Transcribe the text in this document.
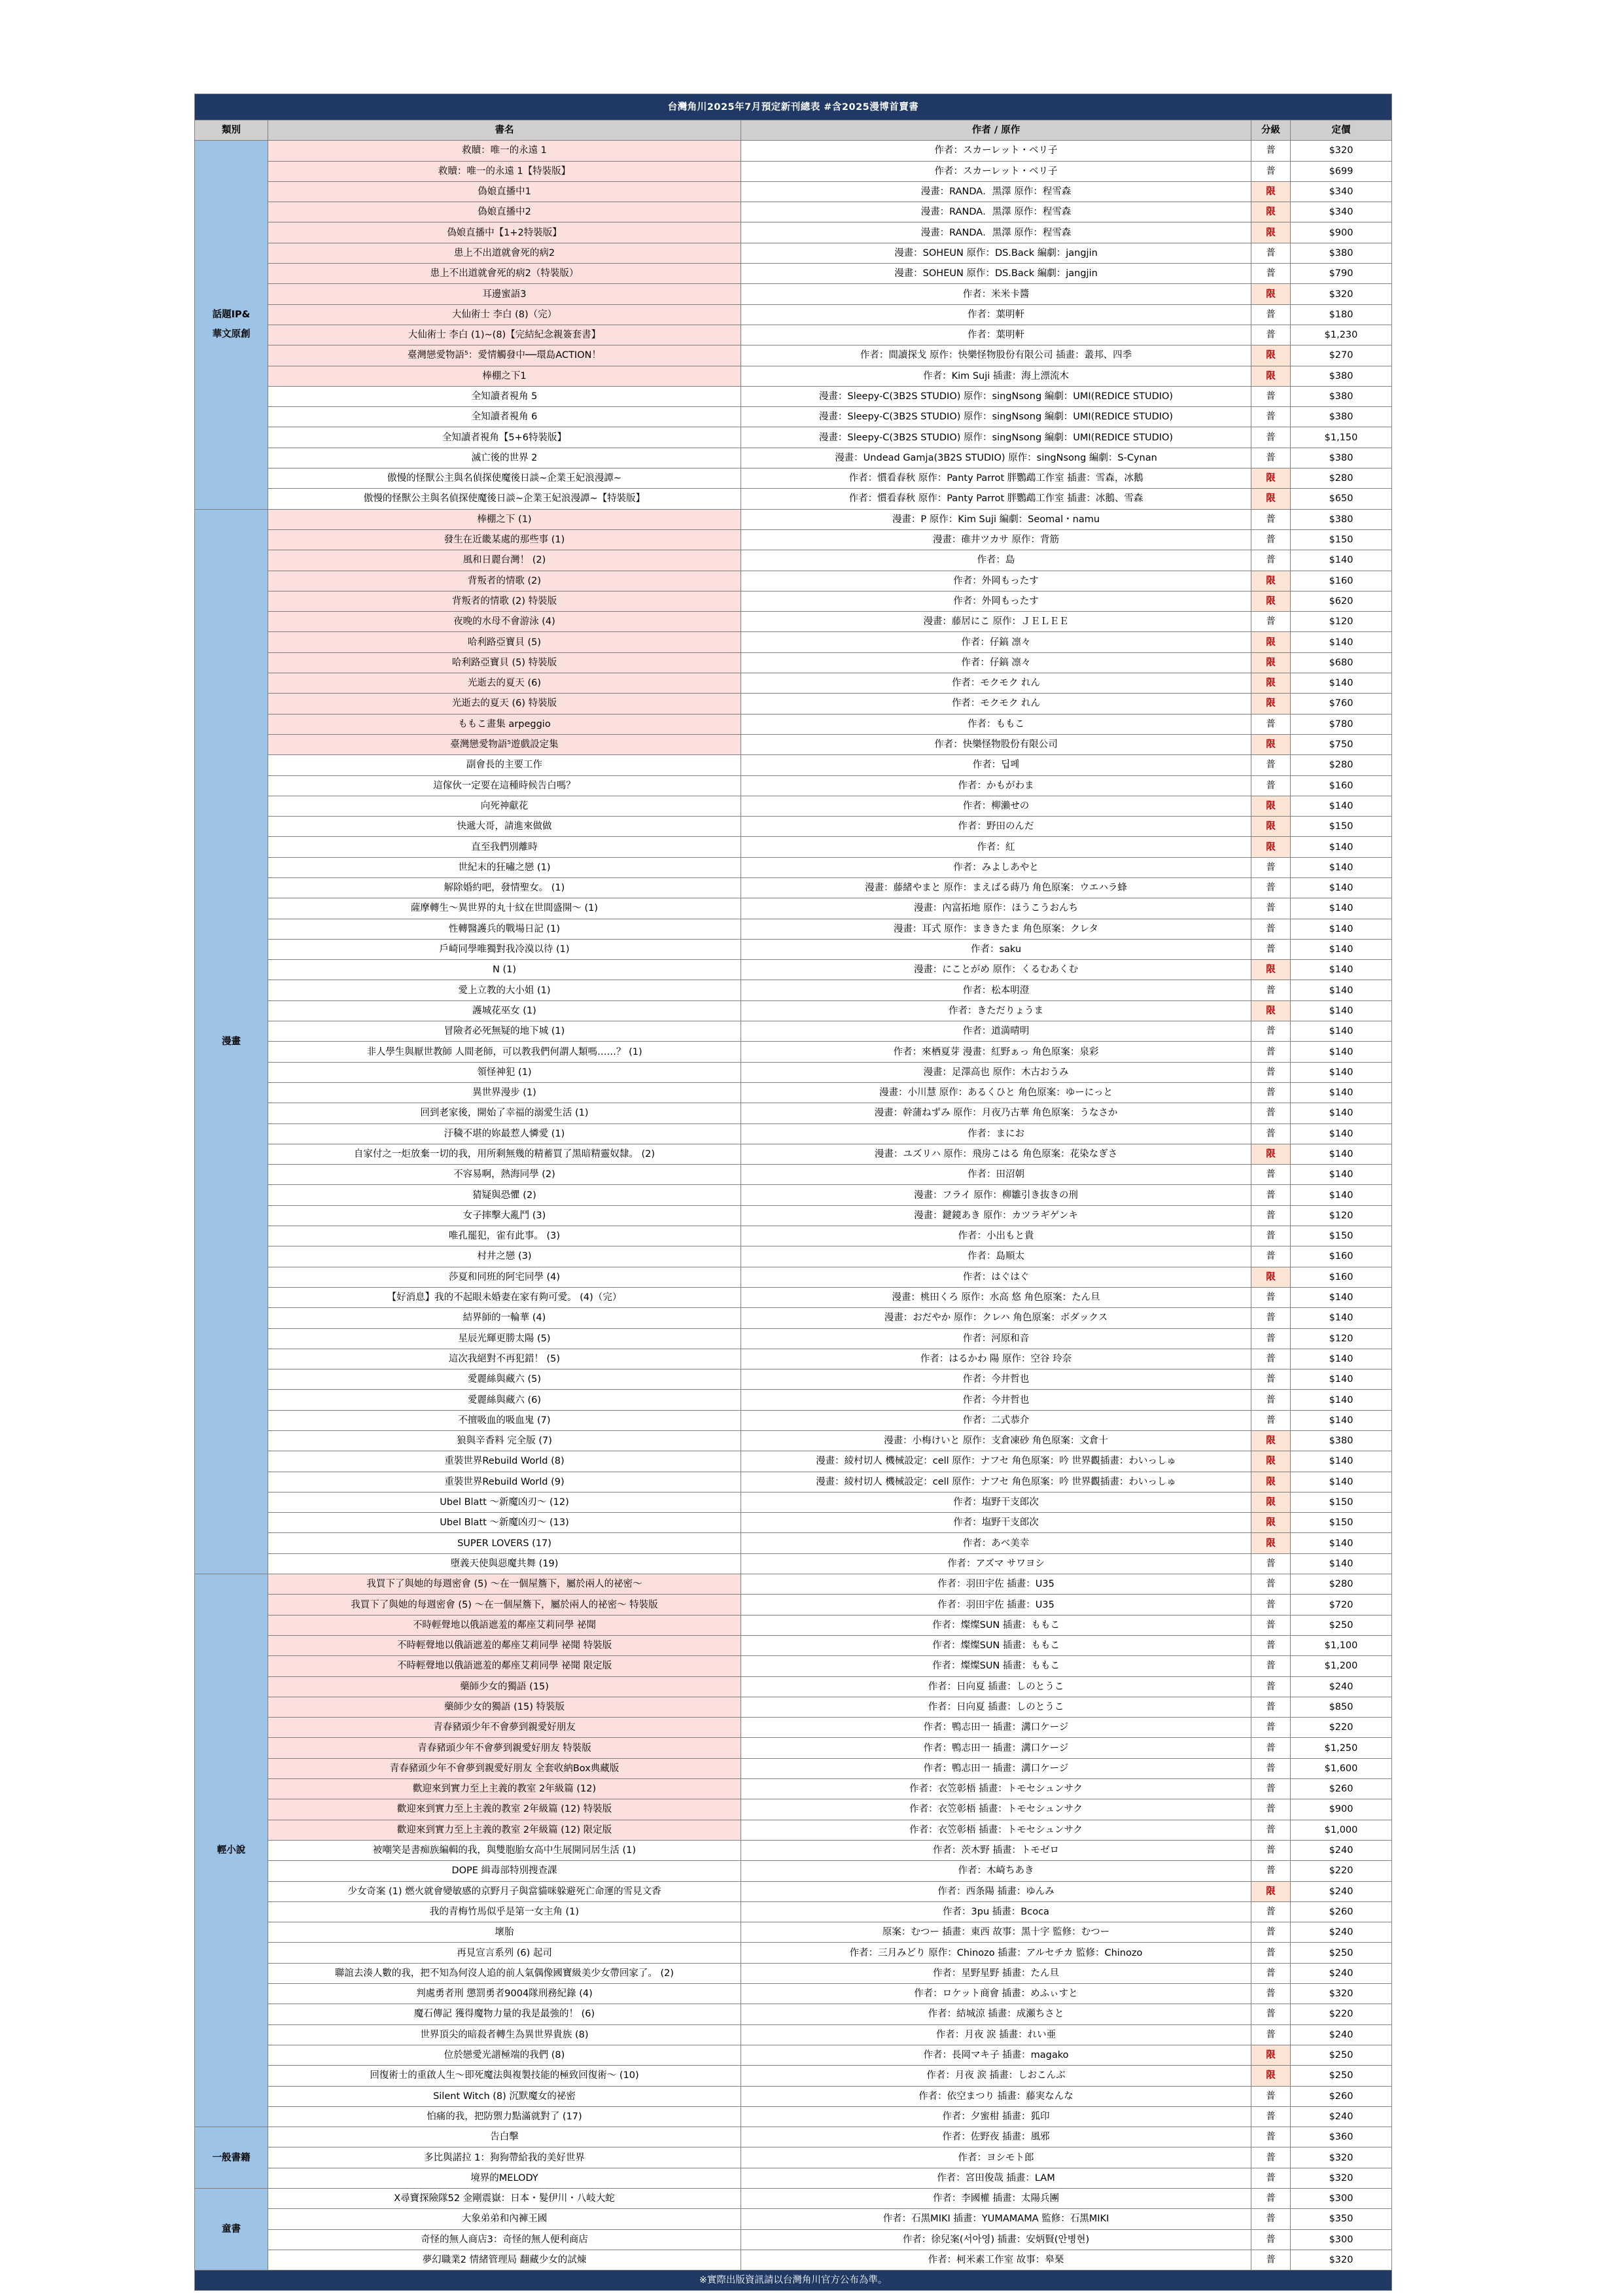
台灣角川2025年7月預定新刊總表 #含2025漫博首賣書				
類別	書名	作者 / 原作	分級	定價
話題IP&
華文原創	救贖：唯一的永遠 1	作者：スカーレット・ベリ子	普	$320
	救贖：唯一的永遠 1【特裝版】	作者：スカーレット・ベリ子	普	$699
	偽娘直播中1	漫畫：RANDA．黑澤 原作：程雪森	限	$340
	偽娘直播中2	漫畫：RANDA．黑澤 原作：程雪森	限	$340
	偽娘直播中【1+2特裝版】	漫畫：RANDA．黑澤 原作：程雪森	限	$900
	患上不出道就會死的病2	漫畫：SOHEUN 原作：DS.Back 編劇：jangjin	普	$380
	患上不出道就會死的病2（特裝版）	漫畫：SOHEUN 原作：DS.Back 編劇：jangjin	普	$790
	耳邊蜜語3	作者：米米卡醬	限	$320
	大仙術士 李白 (8)（完）	作者：葉明軒	普	$180
	大仙術士 李白 (1)~(8)【完結紀念親簽套書】	作者：葉明軒	普	$1,230
	臺灣戀愛物語⁵：愛情觸發中──環島ACTION！	作者：間讀探戈 原作：快樂怪物股份有限公司 插畫：叢邦、四季	限	$270
	棒棚之下1	作者：Kim Suji 插畫：海上漂流木	限	$380
	全知讀者視角 5	漫畫：Sleepy-C(3B2S STUDIO) 原作：singNsong 編劇：UMI(REDICE STUDIO)	普	$380
	全知讀者視角 6	漫畫：Sleepy-C(3B2S STUDIO) 原作：singNsong 編劇：UMI(REDICE STUDIO)	普	$380
	全知讀者視角【5+6特裝版】	漫畫：Sleepy-C(3B2S STUDIO) 原作：singNsong 編劇：UMI(REDICE STUDIO)	普	$1,150
	滅亡後的世界 2	漫畫：Undead Gamja(3B2S STUDIO) 原作：singNsong 編劇：S-Cynan	普	$380
	傲慢的怪獸公主與名偵探使魔後日談~企業王妃浪漫譚~	作者：慣看春秋 原作：Panty Parrot 胖鸚鵡工作室 插畫：雪森，冰鵝	限	$280
	傲慢的怪獸公主與名偵探使魔後日談~企業王妃浪漫譚~【特裝版】	作者：慣看春秋 原作：Panty Parrot 胖鸚鵡工作室 插畫：冰鵝、雪森	限	$650
漫畫	棒棚之下 (1)	漫畫：P 原作：Kim Suji 編劇：Seomal・namu	普	$380
	發生在近畿某處的那些事 (1)	漫畫：碓井ツカサ 原作：背筋	普	$150
	風和日麗台灣！ (2)	作者：島	普	$140
	背叛者的情歌 (2)	作者：外岡もったす	限	$160
	背叛者的情歌 (2) 特裝版	作者：外岡もったす	限	$620
	夜晚的水母不會游泳 (4)	漫畫：藤居にこ 原作：ＪＥＬＥＥ	普	$120
	哈利路亞寶貝 (5)	作者：仔鎬 凛々	限	$140
	哈利路亞寶貝 (5) 特裝版	作者：仔鎬 凛々	限	$680
	光逝去的夏天 (6)	作者：モクモク れん	限	$140
	光逝去的夏天 (6) 特裝版	作者：モクモク れん	限	$760
	ももこ畫集 arpeggio	作者：ももこ	普	$780
	臺灣戀愛物語⁵遊戲設定集	作者：快樂怪物股份有限公司	限	$750
	副會長的主要工作	作者：딥페	普	$280
	這傢伙一定要在這種時候告白嗎？	作者：かもがわま	普	$160
	向死神獻花	作者：柳瀨せの	限	$140
	快遞大哥，請進來做做	作者：野田のんだ	限	$150
	直至我們別離時	作者：紅	限	$140
	世紀末的狂嘯之戀 (1)	作者：みよしあやと	普	$140
	解除婚約吧，發情聖女。 (1)	漫畫：藤緒やまと 原作：まえばる蒔乃 角色原案：ウエハラ蜂	普	$140
	薩摩轉生～異世界的丸十紋在世間盛開～ (1)	漫畫：內富拓地 原作：ほうこうおんち	普	$140
	性轉醫護兵的戰場日記 (1)	漫畫：耳式 原作：まききたま 角色原案：クレタ	普	$140
	戶崎同學唯獨對我冷漠以待 (1)	作者：saku	普	$140
	N (1)	漫畫：にことがめ 原作：くるむあくむ	限	$140
	愛上立教的大小姐 (1)	作者：松本明澄	普	$140
	護城花巫女 (1)	作者：きただりょうま	限	$140
	冒險者必死無疑的地下城 (1)	作者：道満晴明	普	$140
	非人學生與厭世教師 人間老師，可以教我們何謂人類嗎……？ (1)	作者：來栖夏芽 漫畫：紅野ぁっ 角色原案：泉彩	普	$140
	領怪神犯 (1)	漫畫：足澤高也 原作：木古おうみ	普	$140
	異世界漫步 (1)	漫畫：小川慧 原作：あるくひと 角色原案：ゆーにっと	普	$140
	回到老家後，開始了幸福的溺愛生活 (1)	漫畫：幹蒲ねずみ 原作：月夜乃古華 角色原案：うなさか	普	$140
	汙穢不堪的妳最惹人憐愛 (1)	作者：まにお	普	$140
	自家付之一炬放棄一切的我，用所剩無幾的精蓄買了黑暗精靈奴隸。 (2)	漫畫：ユズリハ 原作：飛房こはる 角色原案：花染なぎさ	限	$140
	不容易啊，熱海同學 (2)	作者：田沼朝	普	$140
	猜疑與恐懼 (2)	漫畫：フライ 原作：柳雛引き抜きの刑	普	$140
	女子摔擊大亂鬥 (3)	漫畫：鍵鏡あき 原作：カツラギゲンキ	普	$120
	唯孔罷犯，雀有此事。 (3)	作者：小出もと貴	普	$150
	村井之戀 (3)	作者：島順太	普	$160
	莎夏和同班的阿宅同學 (4)	作者：はぐはぐ	限	$160
	【好消息】我的不起眼未婚妻在家有夠可愛。 (4)（完）	漫畫：桃田くろ 原作：水高 悠 角色原案：たん旦	普	$140
	結界師的一輪華 (4)	漫畫：おだやか 原作：クレハ 角色原案：ボダックス	普	$140
	星辰光輝更勝太陽 (5)	作者：河原和音	普	$120
	這次我絕對不再犯錯！ (5)	作者：はるかわ 陽 原作：空谷 玲奈	普	$140
	愛麗絲與藏六 (5)	作者：今井哲也	普	$140
	愛麗絲與藏六 (6)	作者：今井哲也	普	$140
	不擅吸血的吸血鬼 (7)	作者：二式恭介	普	$140
	狼與辛香料 完全版 (7)	漫畫：小梅けいと 原作：支倉凍砂 角色原案：文倉十	限	$380
	重裝世界Rebuild World (8)	漫畫：綾村切人 機械設定：cell 原作：ナフセ 角色原案：吟 世界觀插畫：わいっしゅ	限	$140
	重裝世界Rebuild World (9)	漫畫：綾村切人 機械設定：cell 原作：ナフセ 角色原案：吟 世界觀插畫：わいっしゅ	限	$140
	Ubel Blatt ～新魔凶刃～ (12)	作者：塩野干支郎次	限	$150
	Ubel Blatt ～新魔凶刃～ (13)	作者：塩野干支郎次	限	$150
	SUPER LOVERS (17)	作者：あべ美幸	限	$140
	墮義天使與惡魔共舞 (19)	作者：アズマ サワヨシ	普	$140
輕小說	我買下了與她的每週密會 (5) ～在一個屋簷下，屬於兩人的祕密～	作者：羽田宇佐 插畫：U35	普	$280
	我買下了與她的每週密會 (5) ～在一個屋簷下，屬於兩人的祕密～ 特裝版	作者：羽田宇佐 插畫：U35	普	$720
	不時輕聲地以俄語遮羞的鄰座艾莉同學 祕聞	作者：燦燦SUN 插畫：ももこ	普	$250
	不時輕聲地以俄語遮羞的鄰座艾莉同學 祕聞 特裝版	作者：燦燦SUN 插畫：ももこ	普	$1,100
	不時輕聲地以俄語遮羞的鄰座艾莉同學 祕聞 限定版	作者：燦燦SUN 插畫：ももこ	普	$1,200
	藥師少女的獨語 (15)	作者：日向夏 插畫：しのとうこ	普	$240
	藥師少女的獨語 (15) 特裝版	作者：日向夏 插畫：しのとうこ	普	$850
	青春豬頭少年不會夢到親愛好朋友	作者：鴨志田一 插畫：溝口ケージ	普	$220
	青春豬頭少年不會夢到親愛好朋友 特裝版	作者：鴨志田一 插畫：溝口ケージ	普	$1,250
	青春豬頭少年不會夢到親愛好朋友 全套收納Box典藏版	作者：鴨志田一 插畫：溝口ケージ	普	$1,600
	歡迎來到實力至上主義的教室 2年級篇 (12)	作者：衣笠彰梧 插畫：トモセシュンサク	普	$260
	歡迎來到實力至上主義的教室 2年級篇 (12) 特裝版	作者：衣笠彰梧 插畫：トモセシュンサク	普	$900
	歡迎來到實力至上主義的教室 2年級篇 (12) 限定版	作者：衣笠彰梧 插畫：トモセシュンサク	普	$1,000
	被嘲笑是書痴族編輯的我，與雙胞胎女高中生展開同居生活 (1)	作者：茨木野 插畫：トモゼロ	普	$240
	DOPE 緝毒部特別搜查課	作者：木崎ちあき	普	$220
	少女奇案 (1) 燃火就會變敏感的京野月子與當貓咪躲避死亡命運的雪見文香	作者：西条陽 插畫：ゆんみ	限	$240
	我的青梅竹馬似乎是第一女主角 (1)	作者：3pu 插畫：Bcoca	普	$260
	壞胎	原案：むつー 插畫：東西 故事：黑十字 監修：むつー	普	$240
	再見宣言系列 (6) 起司	作者：三月みどり 原作：Chinozo 插畫：アルセチカ 監修：Chinozo	普	$250
	聯誼去湊人數的我，把不知為何沒人追的前人氣偶像國寶級美少女帶回家了。 (2)	作者：星野星野 插畫：たん旦	普	$240
	判處勇者刑 懲罰勇者9004隊刑務紀錄 (4)	作者：ロケット商會 插畫：めふぃすと	普	$320
	魔石傳記 獲得魔物力量的我是最強的！ (6)	作者：結城涼 插畫：成瀬ちさと	普	$220
	世界頂尖的暗殺者轉生為異世界貴族 (8)	作者：月夜 涙 插畫：れい亜	普	$240
	位於戀愛光譜極端的我們 (8)	作者：長岡マキ子 插畫：magako	限	$250
	回復術士的重啟人生～即死魔法與複製技能的極致回復術～ (10)	作者：月夜 涙 插畫：しおこんぶ	限	$250
	Silent Witch (8) 沉默魔女的祕密	作者：依空まつり 插畫：藤実なんな	普	$260
	怕痛的我，把防禦力點滿就對了 (17)	作者：夕蜜柑 插畫：狐印	普	$240
一般書籍	告白擊	作者：佐野夜 插畫：風邪	普	$360
	多比與諾拉 1：狗狗帶給我的美好世界	作者：ヨシモト郎	普	$320
	境界的MELODY	作者：宮田俊哉 插畫：LAM	普	$320
童書	X尋寶探險隊52 金剛震嶽：日本・髮伊川・八岐大蛇	作者：李國權 插畫：太陽兵團	普	$300
	大象弟弟和內褲王國	作者：石黑MIKI 插畫：YUMAMAMA 監修：石黑MIKI	普	$350
	奇怪的無人商店3：奇怪的無人便利商店	作者：徐兒案(서아영) 插畫：安炳賢(안병현)	普	$300
	夢幻職業2 情緒管理局 翻藏少女的試煉	作者：柯米素工作室 故事：皋琹	普	$320
※實際出版資訊請以台灣角川官方公布為準。				
